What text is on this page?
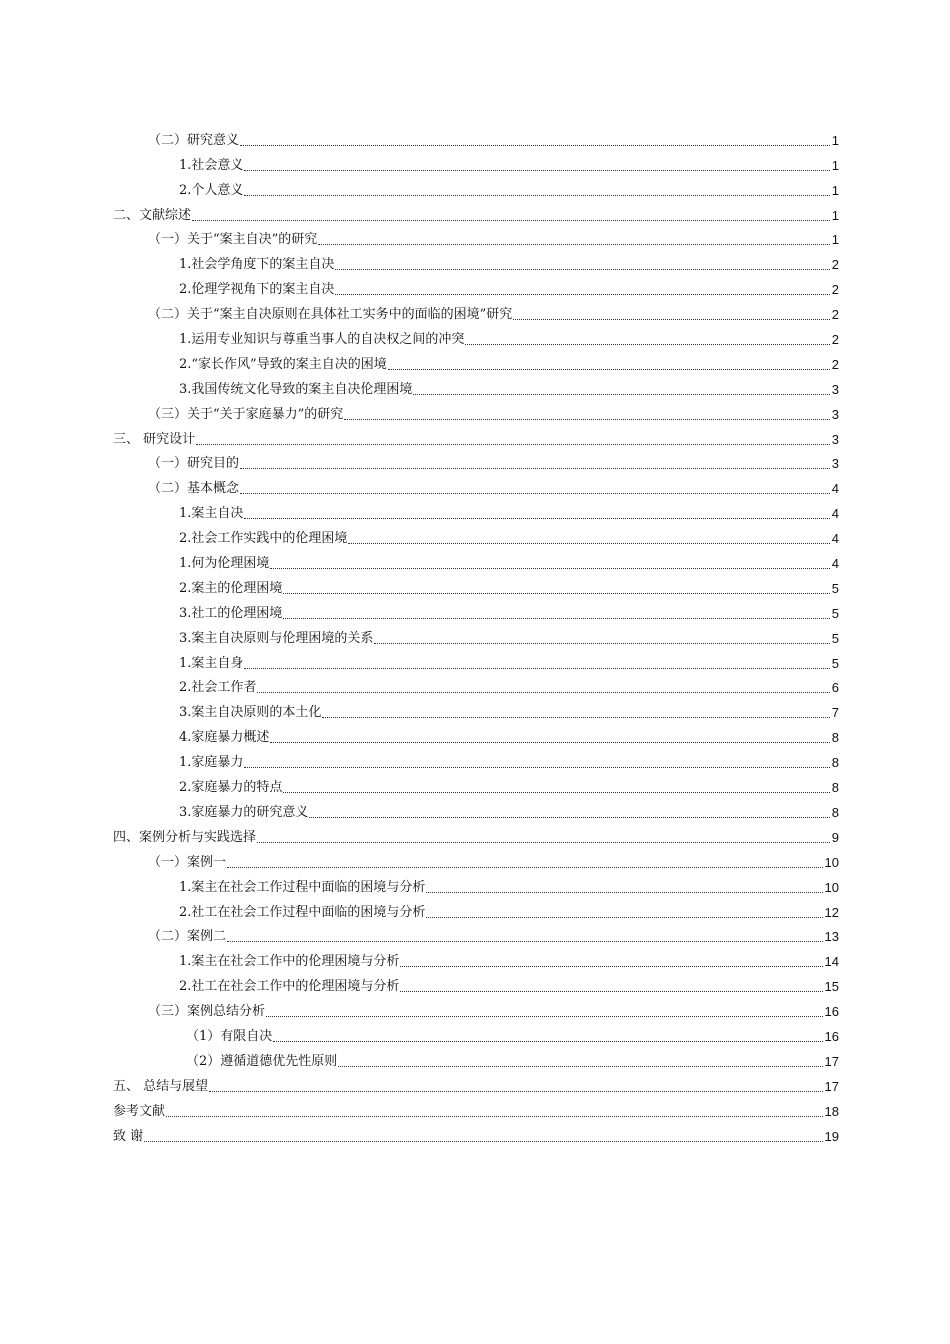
（二）研究意义	1
1.社会意义	1
2.个人意义	1
二、文献综述	1
（一）关于“案主自决”的研究	1
1.社会学角度下的案主自决	2
2.伦理学视角下的案主自决	2
（二）关于“案主自决原则在具体社工实务中的面临的困境”研究	2
1.运用专业知识与尊重当事人的自决权之间的冲突	2
2.“家长作风”导致的案主自决的困境	2
3.我国传统文化导致的案主自决伦理困境	3
（三）关于“关于家庭暴力”的研究	3
三、 研究设计	3
（一）研究目的	3
（二）基本概念	4
1.案主自决	4
2.社会工作实践中的伦理困境	4
1.何为伦理困境	4
2.案主的伦理困境	5
3.社工的伦理困境	5
3.案主自决原则与伦理困境的关系	5
1.案主自身	5
2.社会工作者	6
3.案主自决原则的本土化	7
4.家庭暴力概述	8
1.家庭暴力	8
2.家庭暴力的特点	8
3.家庭暴力的研究意义	8
四、案例分析与实践选择	9
（一）案例一	10
1.案主在社会工作过程中面临的困境与分析	10
2.社工在社会工作过程中面临的困境与分析	12
（二）案例二	13
1.案主在社会工作中的伦理困境与分析	14
2.社工在社会工作中的伦理困境与分析	15
（三）案例总结分析	16
（1）有限自决	16
（2）遵循道德优先性原则	17
五、 总结与展望	17
参考文献	18
致 谢	19
